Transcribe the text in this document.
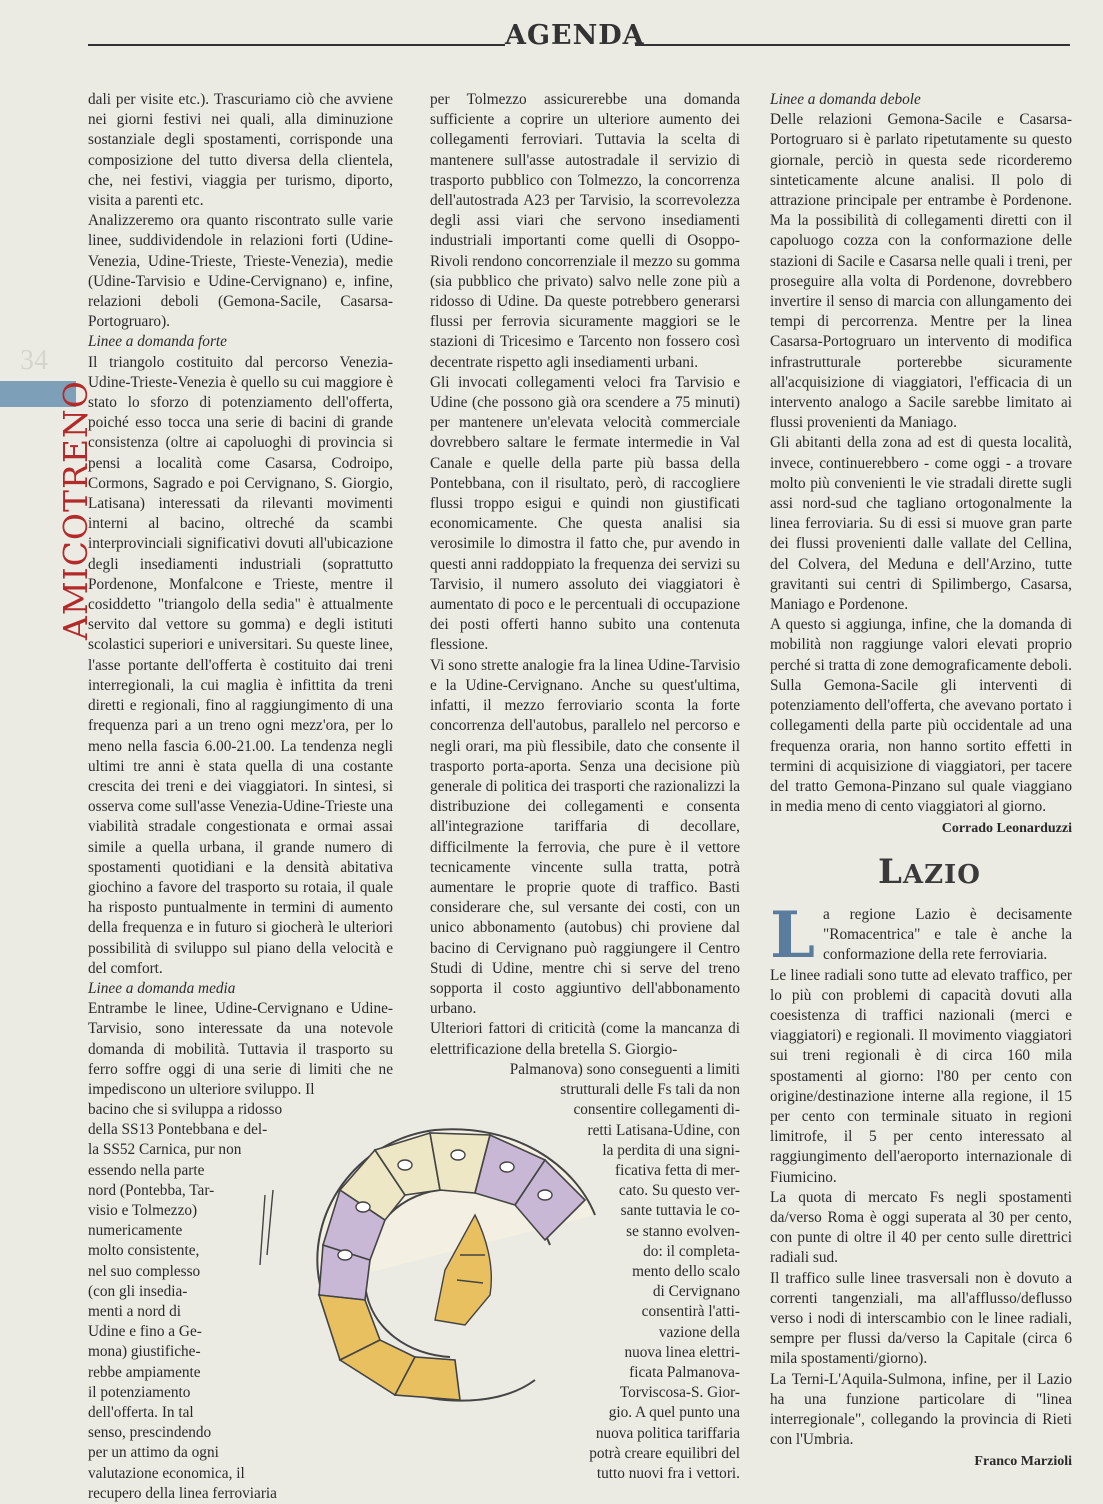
AGENDA
34
AMICOTRENO

dali per visite etc.). Trascuriamo ciò che avviene nei giorni festivi nei quali, alla diminuzione sostanziale degli spostamenti, corrisponde una composizione del tutto diversa della clientela, che, nei festivi, viaggia per turismo, diporto, visita a parenti etc.

Analizzeremo ora quanto riscontrato sulle varie linee, suddividendole in relazioni forti (Udine-Venezia, Udine-Trieste, Trieste-Venezia), medie (Udine-Tarvisio e Udine-Cervignano) e, infine, relazioni deboli (Gemona-Sacile, Casarsa-Portogruaro).

Linee a domanda forte

Il triangolo costituito dal percorso Venezia-Udine-Trieste-Venezia è quello su cui maggiore è stato lo sforzo di potenziamento dell'offerta, poiché esso tocca una serie di bacini di grande consistenza (oltre ai capoluoghi di provincia si pensi a località come Casarsa, Codroipo, Cormons, Sagrado e poi Cervignano, S. Giorgio, Latisana) interessati da rilevanti movimenti interni al bacino, oltreché da scambi interprovinciali significativi dovuti all'ubicazione degli insediamenti industriali (soprattutto Pordenone, Monfalcone e Trieste, mentre il cosiddetto "triangolo della sedia" è attualmente servito dal vettore su gomma) e degli istituti scolastici superiori e universitari. Su queste linee, l'asse portante dell'offerta è costituito dai treni interregionali, la cui maglia è infittita da treni diretti e regionali, fino al raggiungimento di una frequenza pari a un treno ogni mezz'ora, per lo meno nella fascia 6.00-21.00. La tendenza negli ultimi tre anni è stata quella di una costante crescita dei treni e dei viaggiatori. In sintesi, si osserva come sull'asse Venezia-Udine-Trieste una viabilità stradale congestionata e ormai assai simile a quella urbana, il grande numero di spostamenti quotidiani e la densità abitativa giochino a favore del trasporto su rotaia, il quale ha risposto puntualmente in termini di aumento della frequenza e in futuro si giocherà le ulteriori possibilità di sviluppo sul piano della velocità e del comfort.

Linee a domanda media

Entrambe le linee, Udine-Cervignano e Udine-Tarvisio, sono interessate da una notevole domanda di mobilità. Tuttavia il trasporto su ferro soffre oggi di una serie di limiti che ne impediscono un ulteriore sviluppo. Il

bacino che si sviluppa a ridosso
della SS13 Pontebbana e del-
la SS52 Carnica, pur non
essendo nella parte
nord (Pontebba, Tar-
visio e Tolmezzo)
numericamente
molto consistente,
nel suo complesso
(con gli insedia-
menti a nord di
Udine e fino a Ge-
mona) giustifiche-
rebbe ampiamente
il potenziamento
dell'offerta. In tal
senso, prescindendo
per un attimo da ogni
valutazione economica, il
recupero della linea ferroviaria

per Tolmezzo assicurerebbe una domanda sufficiente a coprire un ulteriore aumento dei collegamenti ferroviari. Tuttavia la scelta di mantenere sull'asse autostradale il servizio di trasporto pubblico con Tolmezzo, la concorrenza dell'autostrada A23 per Tarvisio, la scorrevolezza degli assi viari che servono insediamenti industriali importanti come quelli di Osoppo-Rivoli rendono concorrenziale il mezzo su gomma (sia pubblico che privato) salvo nelle zone più a ridosso di Udine. Da queste potrebbero generarsi flussi per ferrovia sicuramente maggiori se le stazioni di Tricesimo e Tarcento non fossero così decentrate rispetto agli insediamenti urbani.

Gli invocati collegamenti veloci fra Tarvisio e Udine (che possono già ora scendere a 75 minuti) per mantenere un'elevata velocità commerciale dovrebbero saltare le fermate intermedie in Val Canale e quelle della parte più bassa della Pontebbana, con il risultato, però, di raccogliere flussi troppo esigui e quindi non giustificati economicamente. Che questa analisi sia verosimile lo dimostra il fatto che, pur avendo in questi anni raddoppiato la frequenza dei servizi su Tarvisio, il numero assoluto dei viaggiatori è aumentato di poco e le percentuali di occupazione dei posti offerti hanno subito una contenuta flessione.

Vi sono strette analogie fra la linea Udine-Tarvisio e la Udine-Cervignano. Anche su quest'ultima, infatti, il mezzo ferroviario sconta la forte concorrenza dell'autobus, parallelo nel percorso e negli orari, ma più flessibile, dato che consente il trasporto porta-aporta. Senza una decisione più generale di politica dei trasporti che razionalizzi la distribuzione dei collegamenti e consenta all'integrazione tariffaria di decollare, difficilmente la ferrovia, che pure è il vettore tecnicamente vincente sulla tratta, potrà aumentare le proprie quote di traffico. Basti considerare che, sul versante dei costi, con un unico abbonamento (autobus) chi proviene dal bacino di Cervignano può raggiungere il Centro Studi di Udine, mentre chi si serve del treno sopporta il costo aggiuntivo dell'abbonamento urbano.

Ulteriori fattori di criticità (come la mancanza di elettrificazione della bretella S. Giorgio-

Palmanova) sono conseguenti a limiti
strutturali delle Fs tali da non
consentire collegamenti di-
retti Latisana-Udine, con
la perdita di una signi-
ficativa fetta di mer-
cato. Su questo ver-
sante tuttavia le co-
se stanno evolven-
do: il completa-
mento dello scalo
di Cervignano
consentirà l'atti-
vazione della
nuova linea elettri-
ficata Palmanova-
Torviscosa-S. Gior-
gio. A quel punto una
nuova politica tariffaria
potrà creare equilibri del
tutto nuovi fra i vettori.

Linee a domanda debole

Delle relazioni Gemona-Sacile e Casarsa-Portogruaro si è parlato ripetutamente su questo giornale, perciò in questa sede ricorderemo sinteticamente alcune analisi. Il polo di attrazione principale per entrambe è Pordenone. Ma la possibilità di collegamenti diretti con il capoluogo cozza con la conformazione delle stazioni di Sacile e Casarsa nelle quali i treni, per proseguire alla volta di Pordenone, dovrebbero invertire il senso di marcia con allungamento dei tempi di percorrenza. Mentre per la linea Casarsa-Portogruaro un intervento di modifica infrastrutturale porterebbe sicuramente all'acquisizione di viaggiatori, l'efficacia di un intervento analogo a Sacile sarebbe limitato ai flussi provenienti da Maniago.

Gli abitanti della zona ad est di questa località, invece, continuerebbero - come oggi - a trovare molto più convenienti le vie stradali dirette sugli assi nord-sud che tagliano ortogonalmente la linea ferroviaria. Su di essi si muove gran parte dei flussi provenienti dalle vallate del Cellina, del Colvera, del Meduna e dell'Arzino, tutte gravitanti sui centri di Spilimbergo, Casarsa, Maniago e Pordenone.

A questo si aggiunga, infine, che la domanda di mobilità non raggiunge valori elevati proprio perché si tratta di zone demograficamente deboli. Sulla Gemona-Sacile gli interventi di potenziamento dell'offerta, che avevano portato i collegamenti della parte più occidentale ad una frequenza oraria, non hanno sortito effetti in termini di acquisizione di viaggiatori, per tacere del tratto Gemona-Pinzano sul quale viaggiano in media meno di cento viaggiatori al giorno.

Corrado Leonarduzzi

LAZIO

La regione Lazio è decisamente "Romacentrica" e tale è anche la conformazione della rete ferroviaria.

Le linee radiali sono tutte ad elevato traffico, per lo più con problemi di capacità dovuti alla coesistenza di traffici nazionali (merci e viaggiatori) e regionali. Il movimento viaggiatori sui treni regionali è di circa 160 mila spostamenti al giorno: l'80 per cento con origine/destinazione interne alla regione, il 15 per cento con terminale situato in regioni limitrofe, il 5 per cento interessato al raggiungimento dell'aeroporto internazionale di Fiumicino.

La quota di mercato Fs negli spostamenti da/verso Roma è oggi superata al 30 per cento, con punte di oltre il 40 per cento sulle direttrici radiali sud.

Il traffico sulle linee trasversali non è dovuto a correnti tangenziali, ma all'afflusso/deflusso verso i nodi di interscambio con le linee radiali, sempre per flussi da/verso la Capitale (circa 6 mila spostamenti/giorno).

La Terni-L'Aquila-Sulmona, infine, per il Lazio ha una funzione particolare di "linea interregionale", collegando la provincia di Rieti con l'Umbria.

Franco Marzioli
